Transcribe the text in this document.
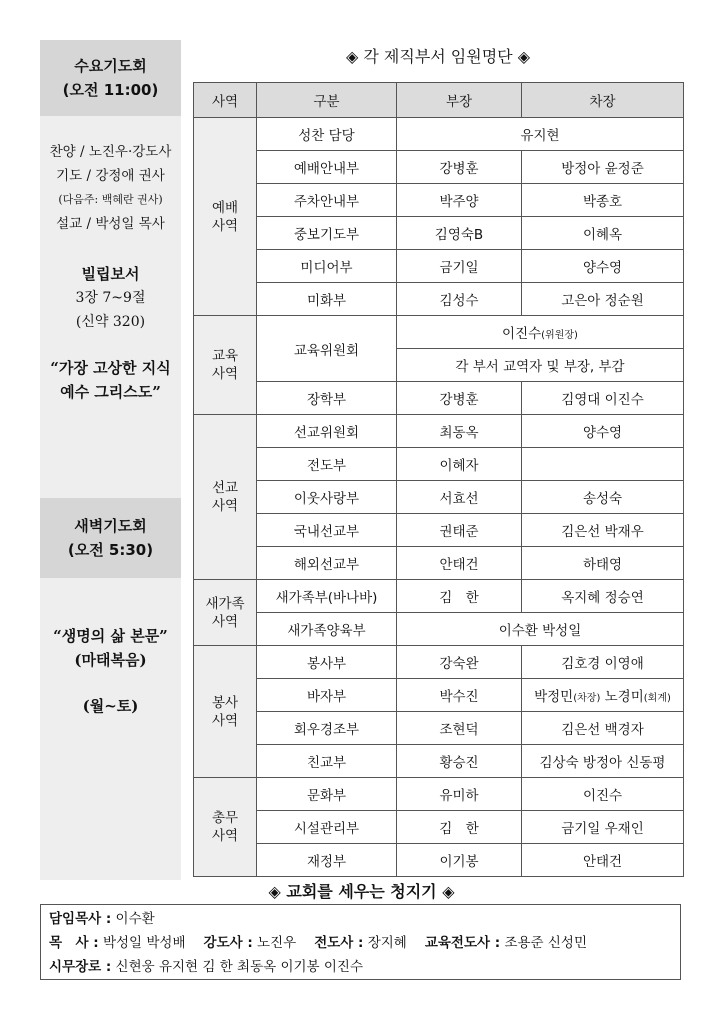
수요기도회
(오전 11:00)
찬양 / 노진우·강도사
기도 / 강정애 권사
(다음주: 백혜란 권사)
설교 / 박성일 목사
빌립보서
3장 7~9절
(신약 320)
“가장 고상한 지식
예수 그리스도”
새벽기도회
(오전 5:30)
“생명의 삶 본문”
(마태복음)
(월~토)
◈ 각 제직부서 임원명단 ◈
사역	구분	부장	차장

예배
사역	성찬 담당	유지현	
	예배안내부	강병훈	방정아 윤정준
	주차안내부	박주양	박종호
	중보기도부	김영숙B	이혜옥
	미디어부	금기일	양수영
	미화부	김성수	고은아 정순원

교육
사역	교육위원회	이진수(위원장)	
		각 부서 교역자 및 부장, 부감	
	장학부	강병훈	김영대 이진수

선교
사역	선교위원회	최동옥	양수영
	전도부	이혜자	
	이웃사랑부	서효선	송성숙
	국내선교부	권태준	김은선 박재우
	해외선교부	안태건	하태영

새가족
사역	새가족부(바나바)	김　한	옥지혜 정승연
	새가족양육부	이수환 박성일	

봉사
사역	봉사부	강숙완	김호경 이영애
	바자부	박수진	박정민(차장) 노경미(회계)
	회우경조부	조현덕	김은선 백경자
	친교부	황승진	김상숙 방정아 신동평

총무
사역	문화부	유미하	이진수
	시설관리부	김　한	금기일 우재인
	재정부	이기봉	안태건
◈ 교회를 세우는 청지기 ◈
담임목사 : 이수환
목　사 : 박성일 박성배 강도사 : 노진우 전도사 : 장지혜 교육전도사 : 조용준 신성민
시무장로 : 신현웅 유지현 김 한 최동옥 이기봉 이진수
